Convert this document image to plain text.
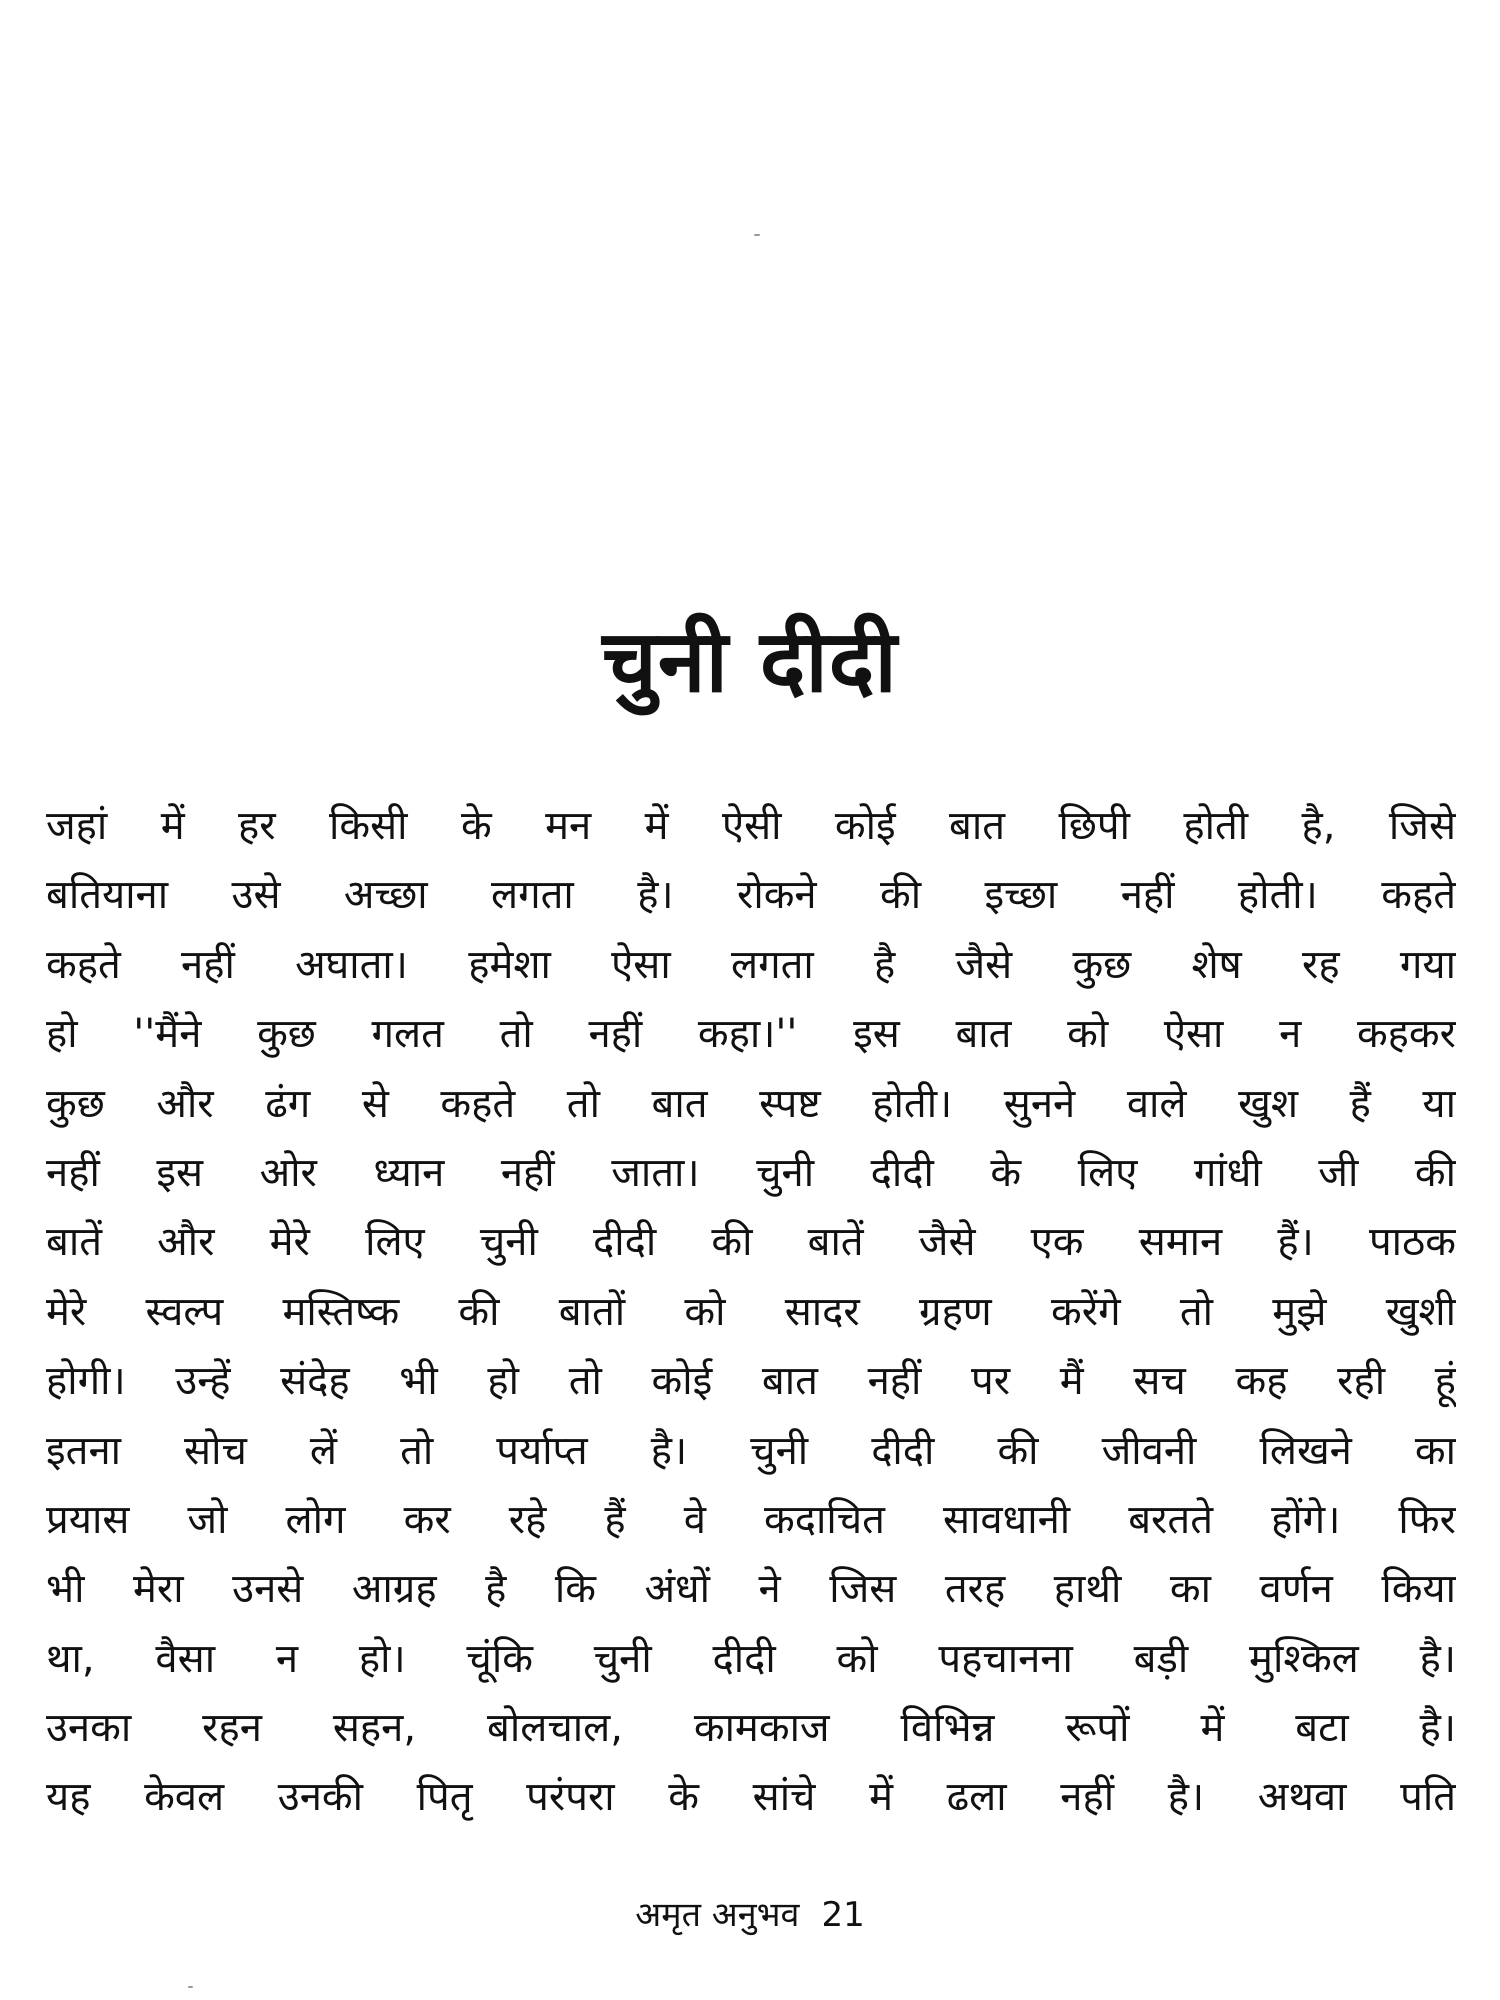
चुनी दीदी
जहां में हर किसी के मन में ऐसी कोई बात छिपी होती है, जिसे
बतियाना उसे अच्छा लगता है। रोकने की इच्छा नहीं होती। कहते
कहते नहीं अघाता। हमेशा ऐसा लगता है जैसे कुछ शेष रह गया
हो ''मैंने कुछ गलत तो नहीं कहा।'' इस बात को ऐसा न कहकर
कुछ और ढंग से कहते तो बात स्पष्ट होती। सुनने वाले खुश हैं या
नहीं इस ओर ध्यान नहीं जाता। चुनी दीदी के लिए गांधी जी की
बातें और मेरे लिए चुनी दीदी की बातें जैसे एक समान हैं। पाठक
मेरे स्वल्प मस्तिष्क की बातों को सादर ग्रहण करेंगे तो मुझे खुशी
होगी। उन्हें संदेह भी हो तो कोई बात नहीं पर मैं सच कह रही हूं
इतना सोच लें तो पर्याप्त है। चुनी दीदी की जीवनी लिखने का
प्रयास जो लोग कर रहे हैं वे कदाचित सावधानी बरतते होंगे। फिर
भी मेरा उनसे आग्रह है कि अंधों ने जिस तरह हाथी का वर्णन किया
था, वैसा न हो। चूंकि चुनी दीदी को पहचानना बड़ी मुश्किल है।
उनका रहन सहन, बोलचाल, कामकाज विभिन्न रूपों में बटा है।
यह केवल उनकी पितृ परंपरा के सांचे में ढला नहीं है। अथवा पति
अमृत अनुभव 21
